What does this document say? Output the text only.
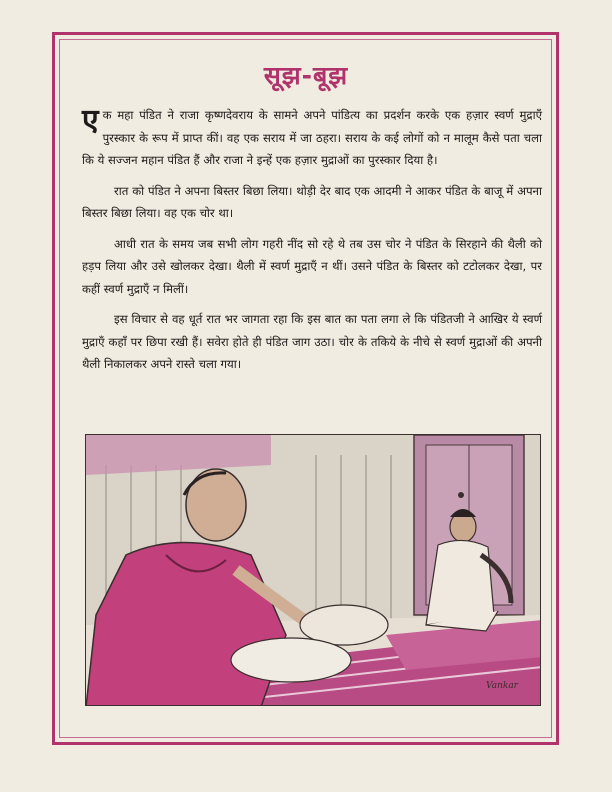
सूझ-बूझ

एक महा पंडित ने राजा कृष्णदेवराय के सामने अपने पांडित्य का प्रदर्शन करके एक हज़ार स्वर्ण मुद्राएँ पुरस्कार के रूप में प्राप्त कीं। वह एक सराय में जा ठहरा। सराय के कई लोगों को न मालूम कैसे पता चला कि ये सज्जन महान पंडित हैं और राजा ने इन्हें एक हज़ार मुद्राओं का पुरस्कार दिया है।

रात को पंडित ने अपना बिस्तर बिछा लिया। थोड़ी देर बाद एक आदमी ने आकर पंडित के बाजू में अपना बिस्तर बिछा लिया। वह एक चोर था।

आधी रात के समय जब सभी लोग गहरी नींद सो रहे थे तब उस चोर ने पंडित के सिरहाने की थैली को हड़प लिया और उसे खोलकर देखा। थैली में स्वर्ण मुद्राएँ न थीं। उसने पंडित के बिस्तर को टटोलकर देखा, पर कहीं स्वर्ण मुद्राएँ न मिलीं।

इस विचार से वह धूर्त रात भर जागता रहा कि इस बात का पता लगा ले कि पंडितजी ने आखिर ये स्वर्ण मुद्राएँ कहाँ पर छिपा रखी हैं। सवेरा होते ही पंडित जाग उठा। चोर के तकिये के नीचे से स्वर्ण मुद्राओं की अपनी थैली निकालकर अपने रास्ते चला गया।

Vankar
